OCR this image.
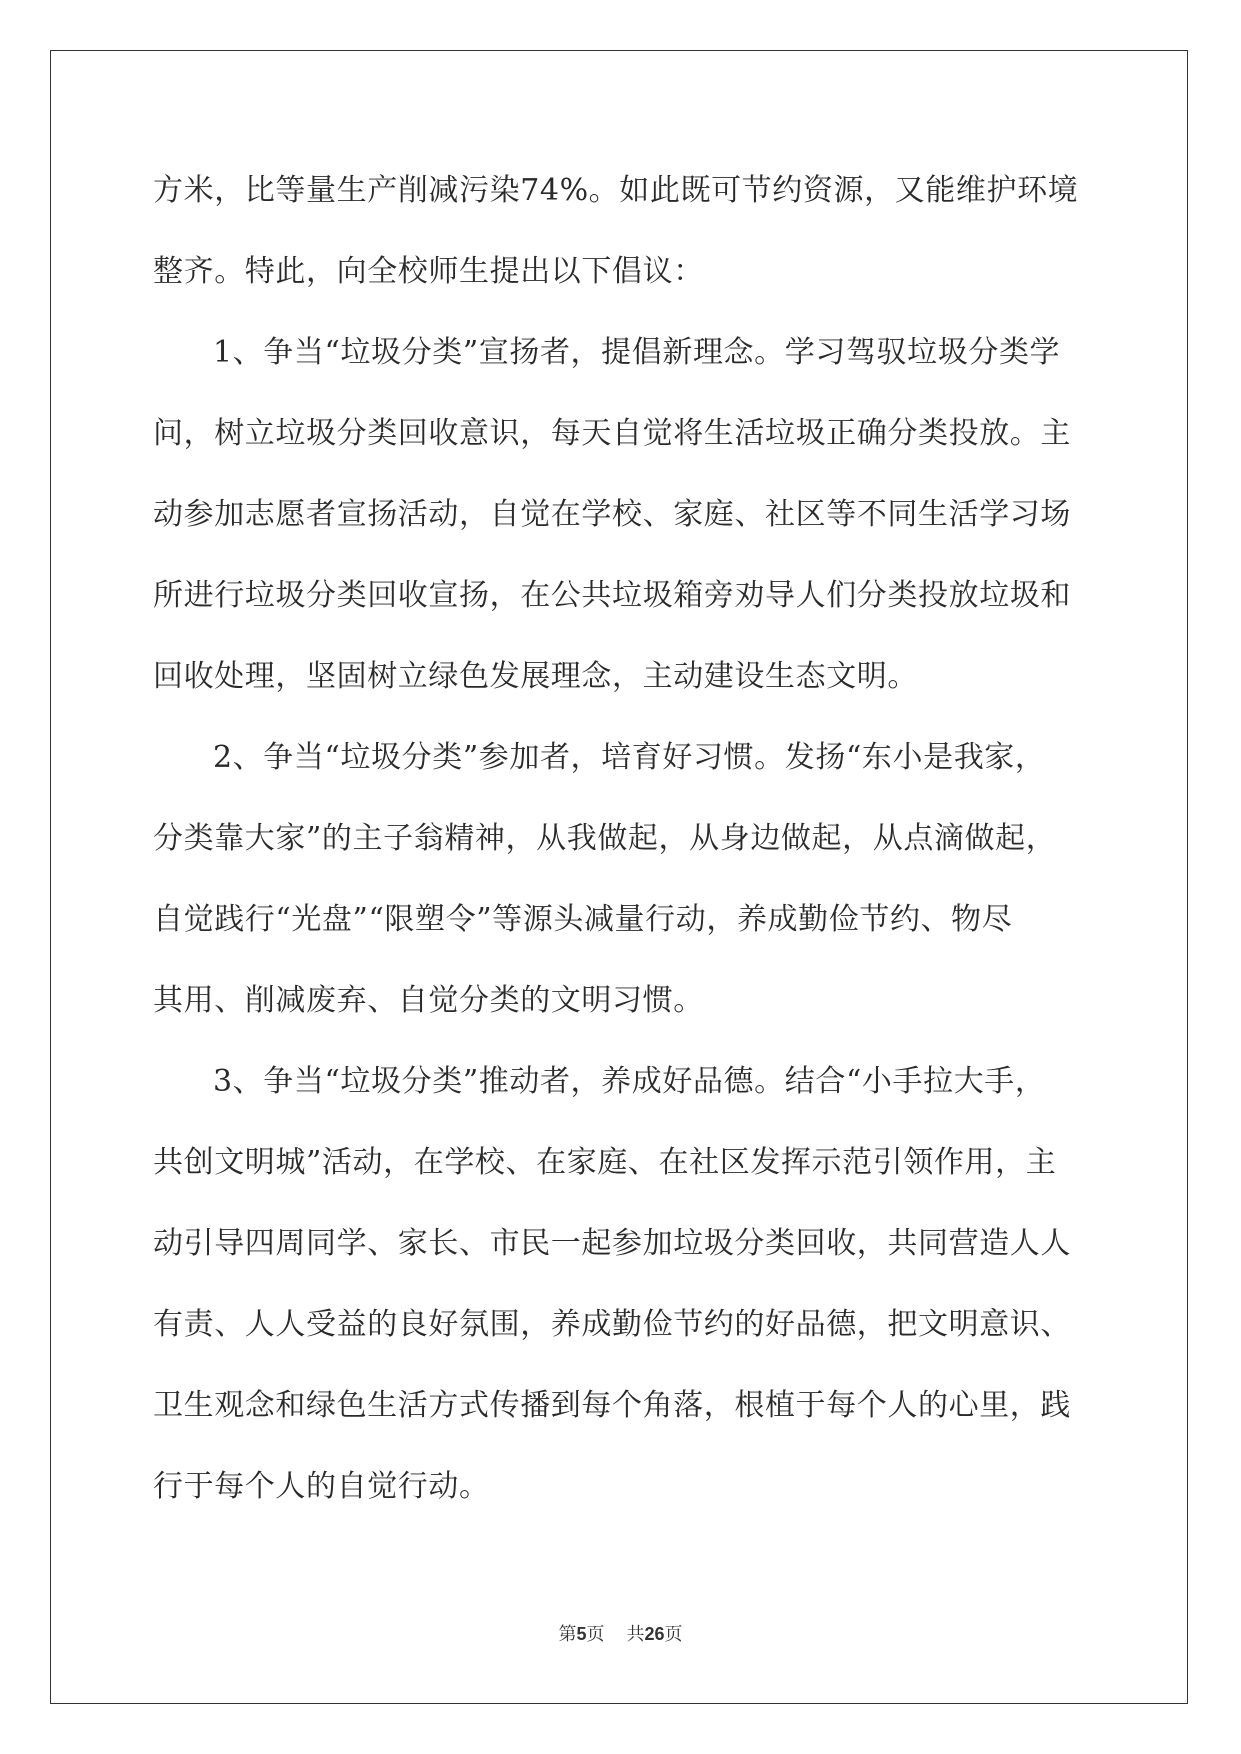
方米，比等量生产削减污染74%。如此既可节约资源，又能维护环境
整齐。特此，向全校师生提出以下倡议：
1、争当“垃圾分类”宣扬者，提倡新理念。学习驾驭垃圾分类学
问，树立垃圾分类回收意识，每天自觉将生活垃圾正确分类投放。主
动参加志愿者宣扬活动，自觉在学校、家庭、社区等不同生活学习场
所进行垃圾分类回收宣扬，在公共垃圾箱旁劝导人们分类投放垃圾和
回收处理，坚固树立绿色发展理念，主动建设生态文明。
2、争当“垃圾分类”参加者，培育好习惯。发扬“东小是我家，
分类靠大家”的主子翁精神，从我做起，从身边做起，从点滴做起，
自觉践行“光盘”“限塑令”等源头减量行动，养成勤俭节约、物尽
其用、削减废弃、自觉分类的文明习惯。
3、争当“垃圾分类”推动者，养成好品德。结合“小手拉大手，
共创文明城”活动，在学校、在家庭、在社区发挥示范引领作用，主
动引导四周同学、家长、市民一起参加垃圾分类回收，共同营造人人
有责、人人受益的良好氛围，养成勤俭节约的好品德，把文明意识、
卫生观念和绿色生活方式传播到每个角落，根植于每个人的心里，践
行于每个人的自觉行动。
第5页 共26页
